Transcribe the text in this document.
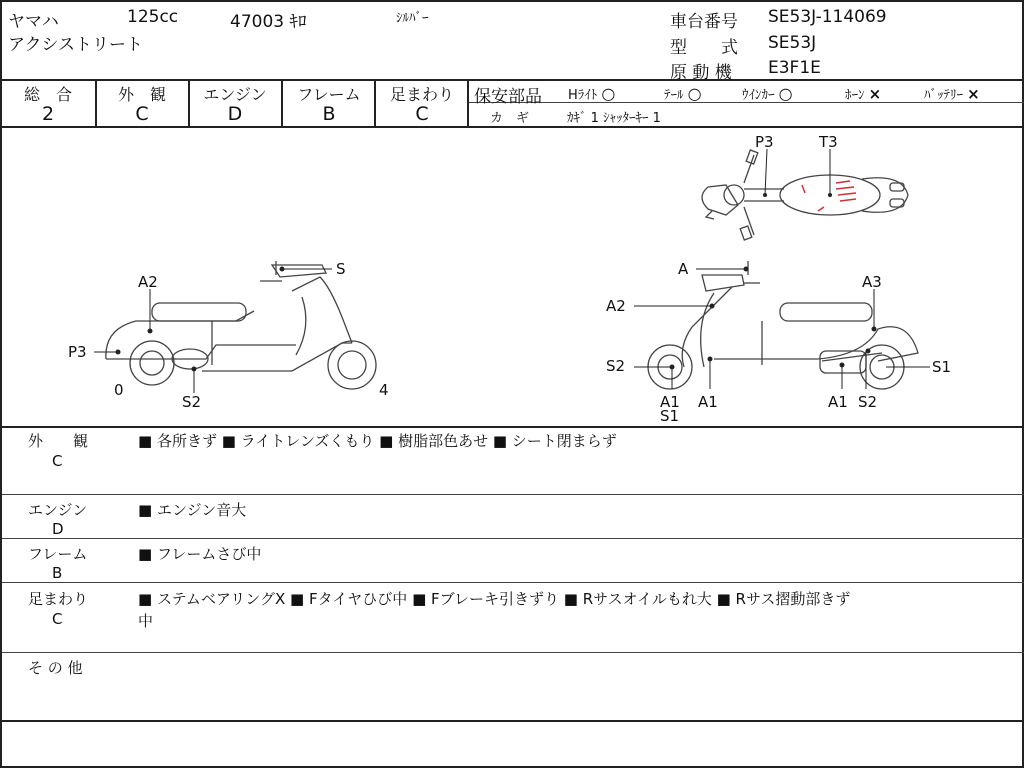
ヤマハ	125cc	47003 ｷﾛ	ｼﾙﾊﾞｰ
アクシストリート
車台番号 SE53J-114069
型　　式 SE53J
原 動 機 E3F1E
総　合
2
外　観
C
エンジン
D
フレーム
B
足まわり
C
保安部品 Hﾗｲﾄ ○	ﾃｰﾙ ○	ｳｲﾝｶｰ ○	ﾎｰﾝ ×	ﾊﾞｯﾃﾘｰ ×
カ　ギ	ｶｷﾞ 1 ｼｬｯﾀｰｷｰ 1
P3	T3
A2
S
P3
0
S2
4
A
A2
A3
S2	S1
A1
S1
A1	A1 S2
外　　観
C
■ 各所きず ■ ライトレンズくもり ■ 樹脂部色あせ ■ シート閉まらず
エンジン
D
■ エンジン音大
フレーム
B
■ フレームさび中
足まわり
C
■ ステムベアリングX ■ Fタイヤひび中 ■ Fブレーキ引きずり ■ Rサスオイルもれ大 ■ Rサス摺動部きず
中
そ の 他
